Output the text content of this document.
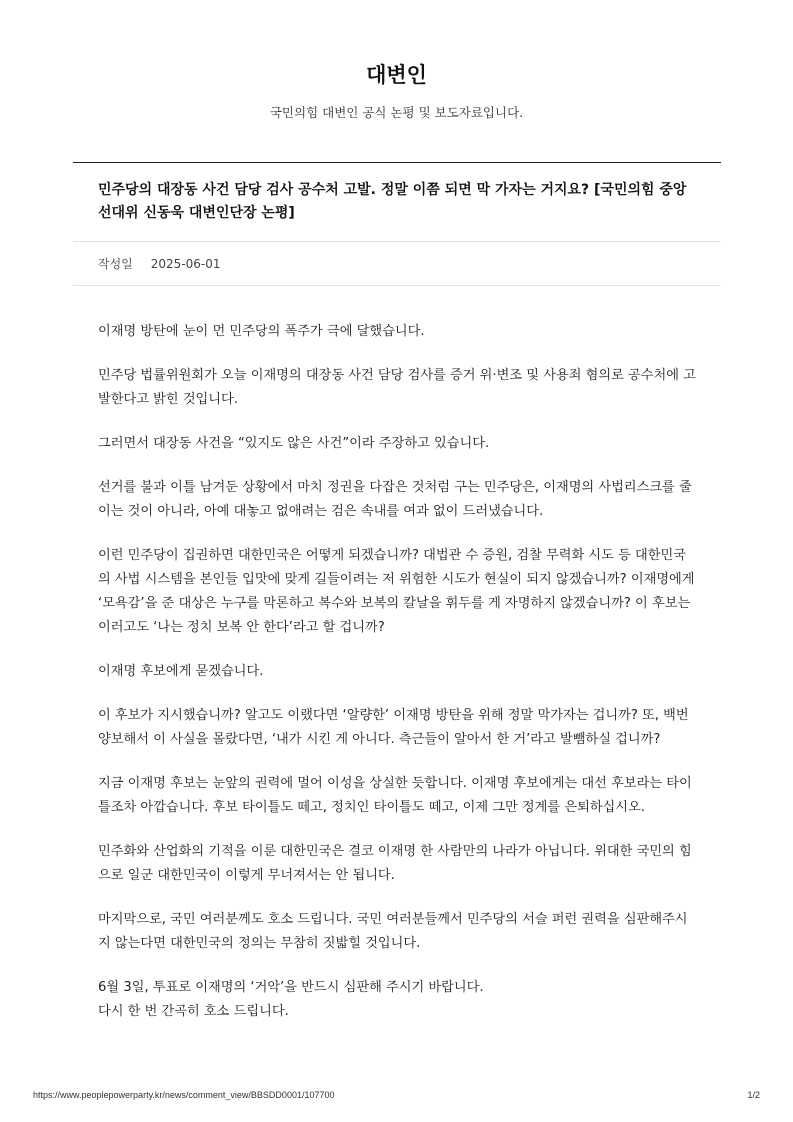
대변인
국민의힘 대변인 공식 논평 및 보도자료입니다.
민주당의 대장동 사건 담당 검사 공수처 고발. 정말 이쯤 되면 막 가자는 거지요? [국민의힘 중앙선대위 신동욱 대변인단장 논평]
작성일 2025-06-01

이재명 방탄에 눈이 먼 민주당의 폭주가 극에 달했습니다.

민주당 법률위원회가 오늘 이재명의 대장동 사건 담당 검사를 증거 위·변조 및 사용죄 혐의로 공수처에 고발한다고 밝힌 것입니다.

그러면서 대장동 사건을 “있지도 않은 사건”이라 주장하고 있습니다.

선거를 불과 이틀 남겨둔 상황에서 마치 정권을 다잡은 것처럼 구는 민주당은, 이재명의 사법리스크를 줄이는 것이 아니라, 아예 대놓고 없애려는 검은 속내를 여과 없이 드러냈습니다.

이런 민주당이 집권하면 대한민국은 어떻게 되겠습니까? 대법관 수 증원, 검찰 무력화 시도 등 대한민국의 사법 시스템을 본인들 입맛에 맞게 길들이려는 저 위험한 시도가 현실이 되지 않겠습니까? 이재명에게 ‘모욕감’을 준 대상은 누구를 막론하고 복수와 보복의 칼날을 휘두를 게 자명하지 않겠습니까? 이 후보는 이러고도 ‘나는 정치 보복 안 한다’라고 할 겁니까?

이재명 후보에게 묻겠습니다.

이 후보가 지시했습니까? 알고도 이랬다면 ‘알량한’ 이재명 방탄을 위해 정말 막가자는 겁니까? 또, 백번 양보해서 이 사실을 몰랐다면, ‘내가 시킨 게 아니다. 측근들이 알아서 한 거’라고 발뺌하실 겁니까?

지금 이재명 후보는 눈앞의 권력에 멀어 이성을 상실한 듯합니다. 이재명 후보에게는 대선 후보라는 타이틀조차 아깝습니다. 후보 타이틀도 떼고, 정치인 타이틀도 떼고, 이제 그만 정계를 은퇴하십시오.

민주화와 산업화의 기적을 이룬 대한민국은 결코 이재명 한 사람만의 나라가 아닙니다. 위대한 국민의 힘으로 일군 대한민국이 이렇게 무너져서는 안 됩니다.

마지막으로, 국민 여러분께도 호소 드립니다. 국민 여러분들께서 민주당의 서슬 퍼런 권력을 심판해주시지 않는다면 대한민국의 정의는 무참히 짓밟힐 것입니다.

6월 3일, 투표로 이재명의 ‘거악’을 반드시 심판해 주시기 바랍니다.

다시 한 번 간곡히 호소 드립니다.

https://www.peoplepowerparty.kr/news/comment_view/BBSDD0001/107700	1/2
